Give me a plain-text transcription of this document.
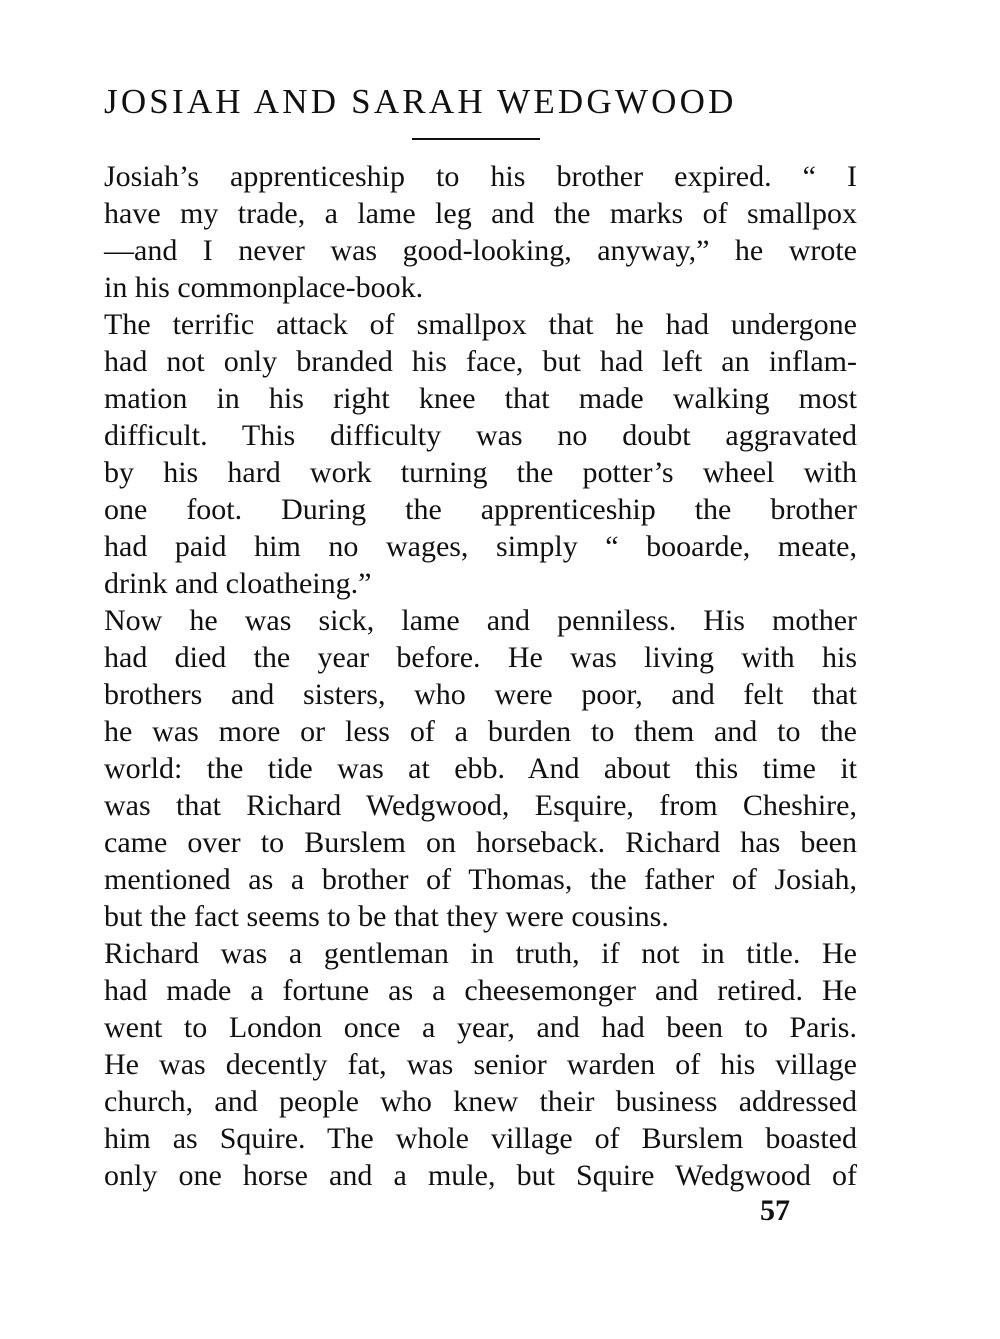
JOSIAH AND SARAH WEDGWOOD

Josiah’s apprenticeship to his brother expired. “ I
have my trade, a lame leg and the marks of smallpox
—and I never was good-looking, anyway,” he wrote
in his commonplace-book.

The terrific attack of smallpox that he had undergone
had not only branded his face, but had left an inflam-
mation in his right knee that made walking most
difficult. This difficulty was no doubt aggravated
by his hard work turning the potter’s wheel with
one foot. During the apprenticeship the brother
had paid him no wages, simply “ booarde, meate,
drink and cloatheing.”

Now he was sick, lame and penniless. His mother
had died the year before. He was living with his
brothers and sisters, who were poor, and felt that
he was more or less of a burden to them and to the
world: the tide was at ebb. And about this time it
was that Richard Wedgwood, Esquire, from Cheshire,
came over to Burslem on horseback. Richard has been
mentioned as a brother of Thomas, the father of Josiah,
but the fact seems to be that they were cousins.

Richard was a gentleman in truth, if not in title. He
had made a fortune as a cheesemonger and retired. He
went to London once a year, and had been to Paris.
He was decently fat, was senior warden of his village
church, and people who knew their business addressed
him as Squire. The whole village of Burslem boasted
only one horse and a mule, but Squire Wedgwood of

57
